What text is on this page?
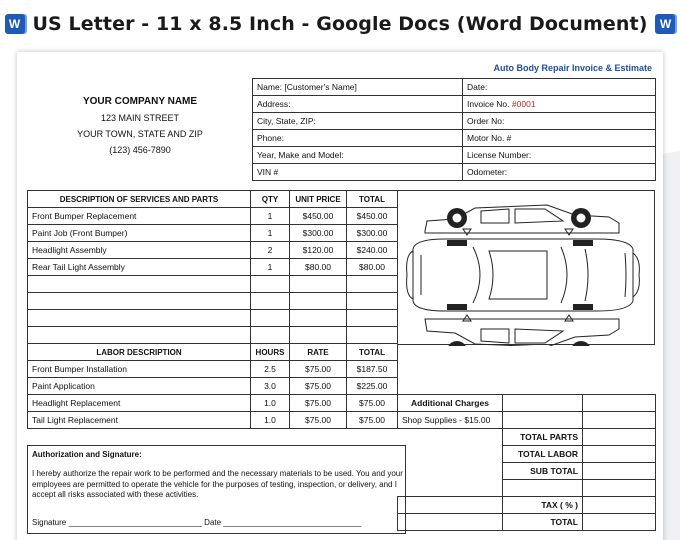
W US Letter - 11 x 8.5 Inch - Google Docs (Word Document)	W
Auto Body Repair Invoice & Estimate
YOUR COMPANY NAME
123 MAIN STREET
YOUR TOWN, STATE AND ZIP
(123) 456-7890
Name: [Customer's Name]	Date:
Address:	Invoice No. #0001
City, State, ZIP:	Order No:
Phone:	Motor No. #
Year, Make and Model:	License Number:
VIN #	Odometer:
DESCRIPTION OF SERVICES AND PARTS	QTY	UNIT PRICE	TOTAL
Front Bumper Replacement	1	$450.00	$450.00
Paint Job (Front Bumper)	1	$300.00	$300.00
Headlight Assembly	2	$120.00	$240.00
Rear Tail Light Assembly	1	$80.00	$80.00

LABOR DESCRIPTION	HOURS	RATE	TOTAL
Front Bumper Installation	2.5	$75.00	$187.50
Paint Application	3.0	$75.00	$225.00
Headlight Replacement	1.0	$75.00	$75.00
Tail Light Replacement	1.0	$75.00	$75.00
Additional Charges		
Shop Supplies - $15.00		
	TOTAL PARTS	
	TOTAL LABOR	
	SUB TOTAL	

	TAX ( % )	
	TOTAL	
Authorization and Signature:
I hereby authorize the repair work to be performed and the necessary materials to be used. You and your employees are permitted to operate the vehicle for the purposes of testing, inspection, or delivery, and I accept all risks associated with these activities.
Signature ______________________________ Date _______________________________
